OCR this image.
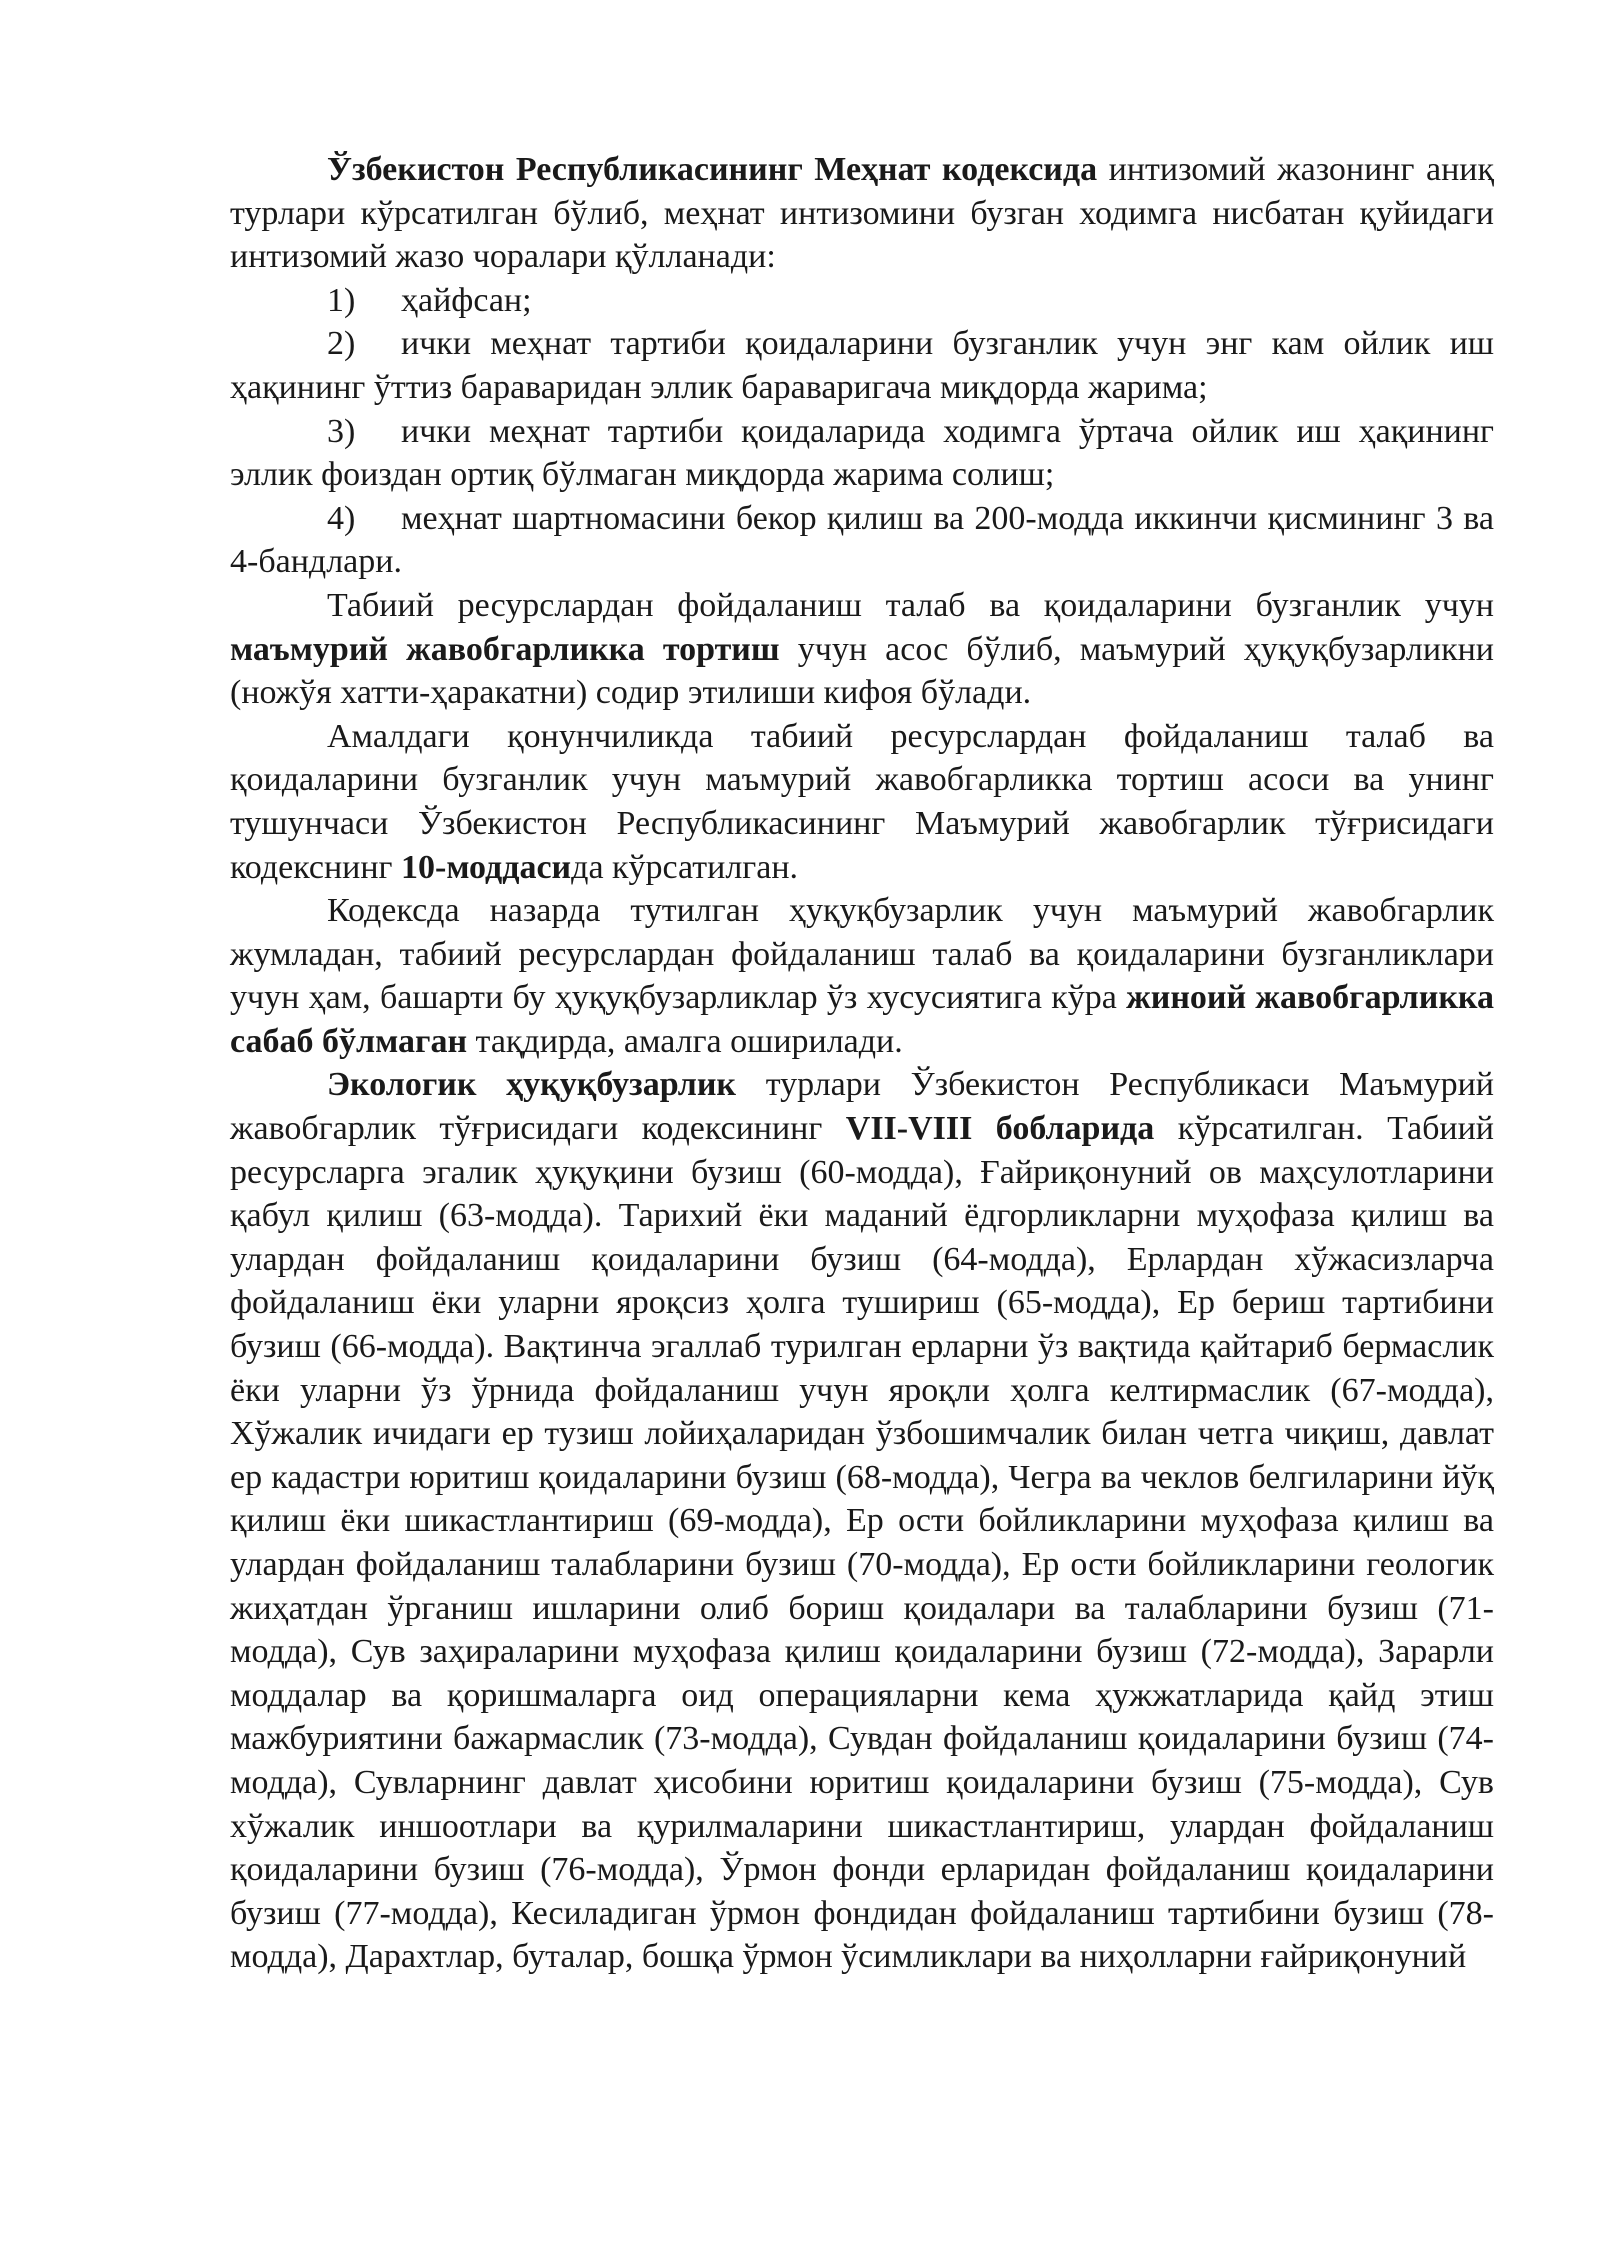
Ўзбекистон Республикасининг Меҳнат кодексида интизомий жазонинг аниқ турлари кўрсатилган бўлиб, меҳнат интизомини бузган ходимга нисбатан қуйидаги интизомий жазо чоралари қўлланади:

1) ҳайфсан;

2) ички меҳнат тартиби қоидаларини бузганлик учун энг кам ойлик иш ҳақининг ўттиз бараваридан эллик бараваригача миқдорда жарима;

3) ички меҳнат тартиби қоидаларида ходимга ўртача ойлик иш ҳақининг эллик фоиздан ортиқ бўлмаган миқдорда жарима солиш;

4) меҳнат шартномасини бекор қилиш ва 200-модда иккинчи қисмининг 3 ва 4-бандлари.

Табиий ресурслардан фойдаланиш талаб ва қоидаларини бузганлик учун маъмурий жавобгарликка тортиш учун асос бўлиб, маъмурий ҳуқуқбузарликни (ножўя хатти-ҳаракатни) содир этилиши кифоя бўлади.

Амалдаги қонунчиликда табиий ресурслардан фойдаланиш талаб ва қоидаларини бузганлик учун маъмурий жавобгарликка тортиш асоси ва унинг тушунчаси Ўзбекистон Республикасининг Маъмурий жавобгарлик тўғрисидаги кодекснинг 10-моддасида кўрсатилган.

Кодексда назарда тутилган ҳуқуқбузарлик учун маъмурий жавобгарлик жумладан, табиий ресурслардан фойдаланиш талаб ва қоидаларини бузганликлари учун ҳам, башарти бу ҳуқуқбузарликлар ўз хусусиятига кўра жиноий жавобгарликка сабаб бўлмаган тақдирда, амалга оширилади.

Экологик ҳуқуқбузарлик турлари Ўзбекистон Республикаси Маъмурий жавобгарлик тўғрисидаги кодексининг VII-VIII бобларида кўрсатилган. Табиий ресурсларга эгалик ҳуқуқини бузиш (60-модда), Ғайриқонуний ов маҳсулотларини қабул қилиш (63-модда). Тарихий ёки маданий ёдгорликларни муҳофаза қилиш ва улардан фойдаланиш қоидаларини бузиш (64-модда), Ерлардан хўжасизларча фойдаланиш ёки уларни яроқсиз ҳолга тушириш (65-модда), Ер бериш тартибини бузиш (66-модда). Вақтинча эгаллаб турилган ерларни ўз вақтида қайтариб бермаслик ёки уларни ўз ўрнида фойдаланиш учун яроқли ҳолга келтирмаслик (67-модда), Хўжалик ичидаги ер тузиш лойиҳаларидан ўзбошимчалик билан четга чиқиш, давлат ер кадастри юритиш қоидаларини бузиш (68-модда), Чегра ва чеклов белгиларини йўқ қилиш ёки шикастлантириш (69-модда), Ер ости бойликларини муҳофаза қилиш ва улардан фойдаланиш талабларини бузиш (70-модда), Ер ости бойликларини геологик жиҳатдан ўрганиш ишларини олиб бориш қоидалари ва талабларини бузиш (71-модда), Сув заҳираларини муҳофаза қилиш қоидаларини бузиш (72-модда), Зарарли моддалар ва қоришмаларга оид операцияларни кема ҳужжатларида қайд этиш мажбуриятини бажармаслик (73-модда), Сувдан фойдаланиш қоидаларини бузиш (74-модда), Сувларнинг давлат ҳисобини юритиш қоидаларини бузиш (75-модда), Сув хўжалик иншоотлари ва қурилмаларини шикастлантириш, улардан фойдаланиш қоидаларини бузиш (76-модда), Ўрмон фонди ерларидан фойдаланиш қоидаларини бузиш (77-модда), Кесиладиган ўрмон фондидан фойдаланиш тартибини бузиш (78-модда), Дарахтлар, буталар, бошқа ўрмон ўсимликлари ва ниҳолларни ғайриқонуний
